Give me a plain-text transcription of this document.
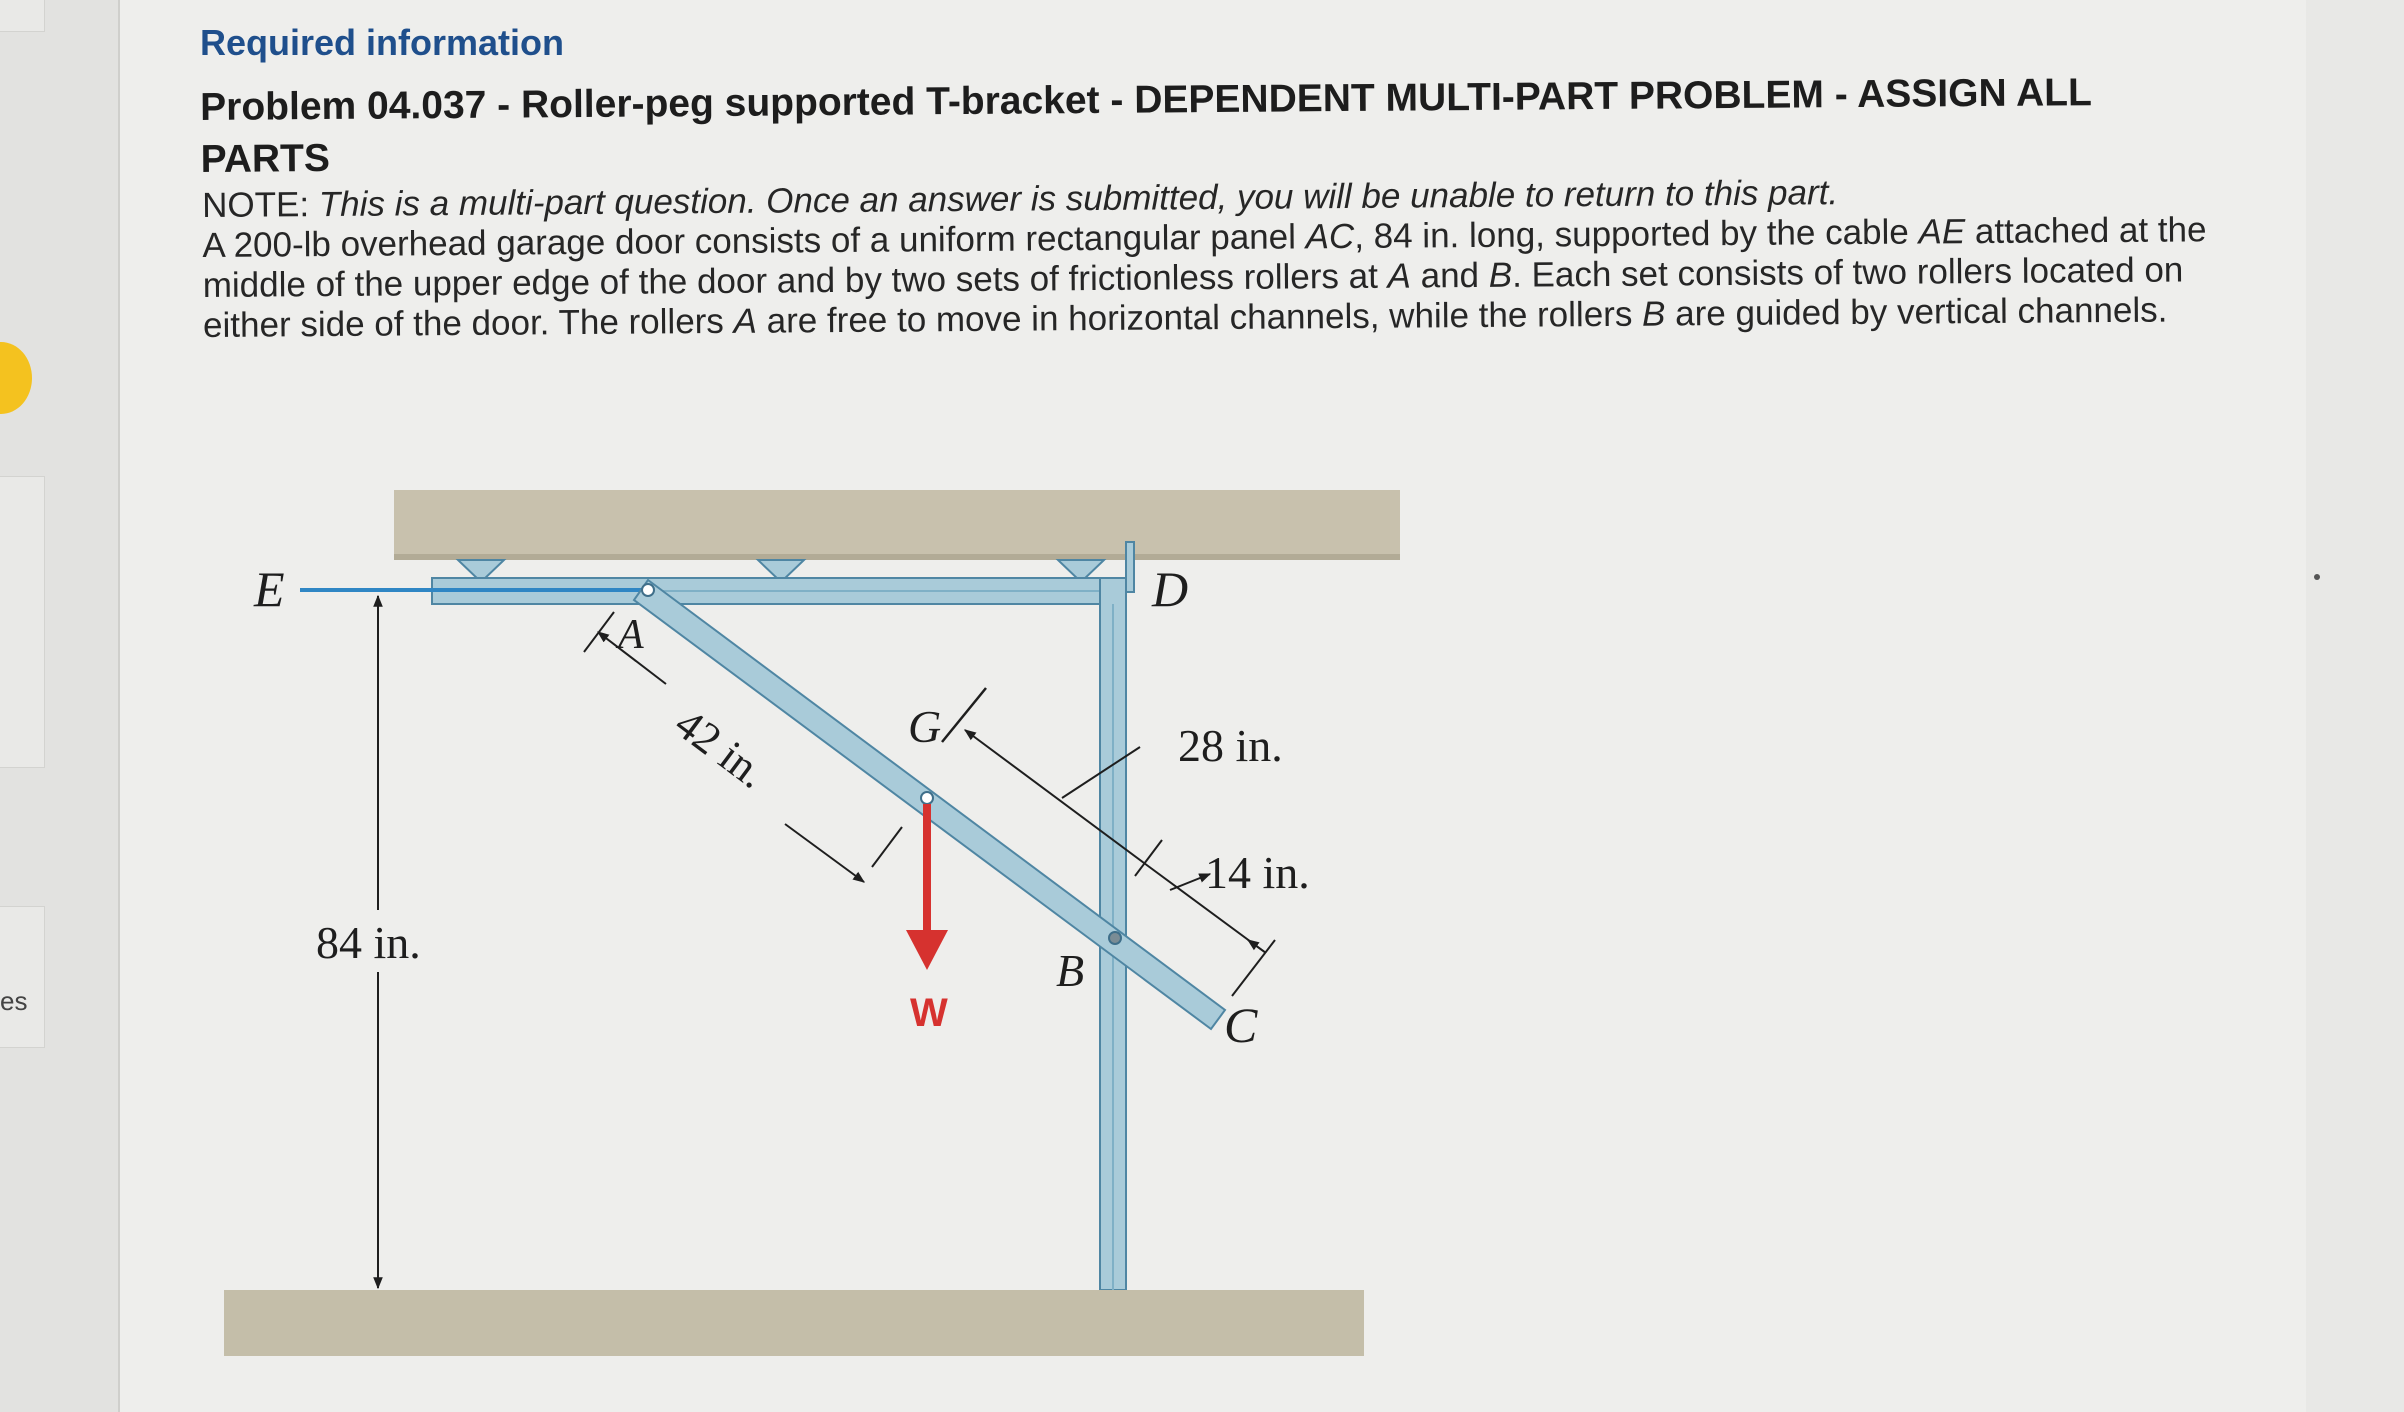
es
Required information
Problem 04.037 - Roller-peg supported T-bracket - DEPENDENT MULTI-PART PROBLEM - ASSIGN ALL PARTS

NOTE: This is a multi-part question. Once an answer is submitted, you will be unable to return to this part.

A 200-lb overhead garage door consists of a uniform rectangular panel AC, 84 in. long, supported by the cable AE attached at the middle of the upper edge of the door and by two sets of frictionless rollers at A and B. Each set consists of two rollers located on either side of the door. The rollers A are free to move in horizontal channels, while the rollers B are guided by vertical channels.

84 in.
42 in.	28 in.
14 in.
W
E
A
D
G
B
C
